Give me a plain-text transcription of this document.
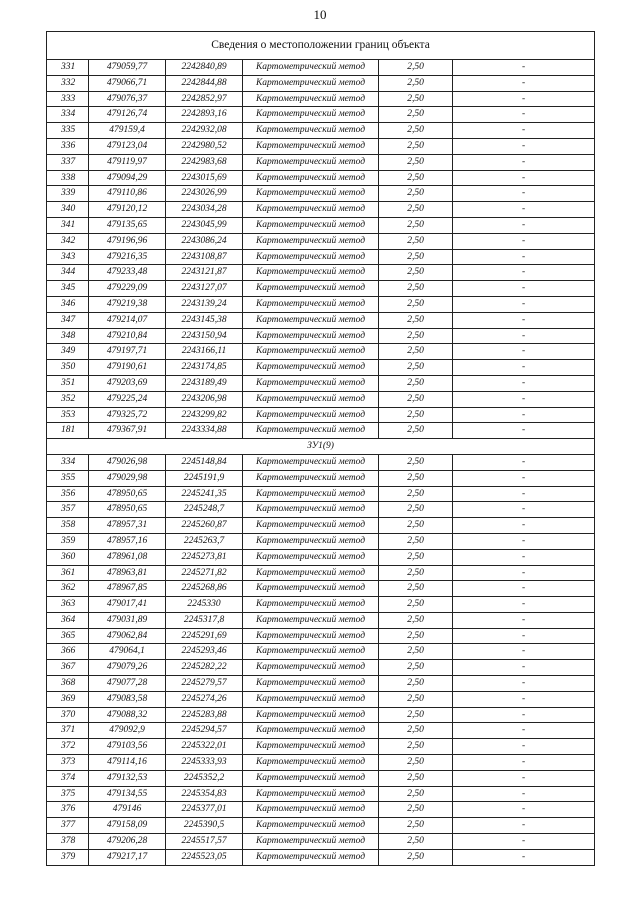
10
Сведения о местоположении границ объекта					
331	479059,77	2242840,89	Картометрический метод	2,50	-
332	479066,71	2242844,88	Картометрический метод	2,50	-
333	479076,37	2242852,97	Картометрический метод	2,50	-
334	479126,74	2242893,16	Картометрический метод	2,50	-
335	479159,4	2242932,08	Картометрический метод	2,50	-
336	479123,04	2242980,52	Картометрический метод	2,50	-
337	479119,97	2242983,68	Картометрический метод	2,50	-
338	479094,29	2243015,69	Картометрический метод	2,50	-
339	479110,86	2243026,99	Картометрический метод	2,50	-
340	479120,12	2243034,28	Картометрический метод	2,50	-
341	479135,65	2243045,99	Картометрический метод	2,50	-
342	479196,96	2243086,24	Картометрический метод	2,50	-
343	479216,35	2243108,87	Картометрический метод	2,50	-
344	479233,48	2243121,87	Картометрический метод	2,50	-
345	479229,09	2243127,07	Картометрический метод	2,50	-
346	479219,38	2243139,24	Картометрический метод	2,50	-
347	479214,07	2243145,38	Картометрический метод	2,50	-
348	479210,84	2243150,94	Картометрический метод	2,50	-
349	479197,71	2243166,11	Картометрический метод	2,50	-
350	479190,61	2243174,85	Картометрический метод	2,50	-
351	479203,69	2243189,49	Картометрический метод	2,50	-
352	479225,24	2243206,98	Картометрический метод	2,50	-
353	479325,72	2243299,82	Картометрический метод	2,50	-
181	479367,91	2243334,88	Картометрический метод	2,50	-
ЗУ1(9)					
334	479026,98	2245148,84	Картометрический метод	2,50	-
355	479029,98	2245191,9	Картометрический метод	2,50	-
356	478950,65	2245241,35	Картометрический метод	2,50	-
357	478950,65	2245248,7	Картометрический метод	2,50	-
358	478957,31	2245260,87	Картометрический метод	2,50	-
359	478957,16	2245263,7	Картометрический метод	2,50	-
360	478961,08	2245273,81	Картометрический метод	2,50	-
361	478963,81	2245271,82	Картометрический метод	2,50	-
362	478967,85	2245268,86	Картометрический метод	2,50	-
363	479017,41	2245330	Картометрический метод	2,50	-
364	479031,89	2245317,8	Картометрический метод	2,50	-
365	479062,84	2245291,69	Картометрический метод	2,50	-
366	479064,1	2245293,46	Картометрический метод	2,50	-
367	479079,26	2245282,22	Картометрический метод	2,50	-
368	479077,28	2245279,57	Картометрический метод	2,50	-
369	479083,58	2245274,26	Картометрический метод	2,50	-
370	479088,32	2245283,88	Картометрический метод	2,50	-
371	479092,9	2245294,57	Картометрический метод	2,50	-
372	479103,56	2245322,01	Картометрический метод	2,50	-
373	479114,16	2245333,93	Картометрический метод	2,50	-
374	479132,53	2245352,2	Картометрический метод	2,50	-
375	479134,55	2245354,83	Картометрический метод	2,50	-
376	479146	2245377,01	Картометрический метод	2,50	-
377	479158,09	2245390,5	Картометрический метод	2,50	-
378	479206,28	2245517,57	Картометрический метод	2,50	-
379	479217,17	2245523,05	Картометрический метод	2,50	-
